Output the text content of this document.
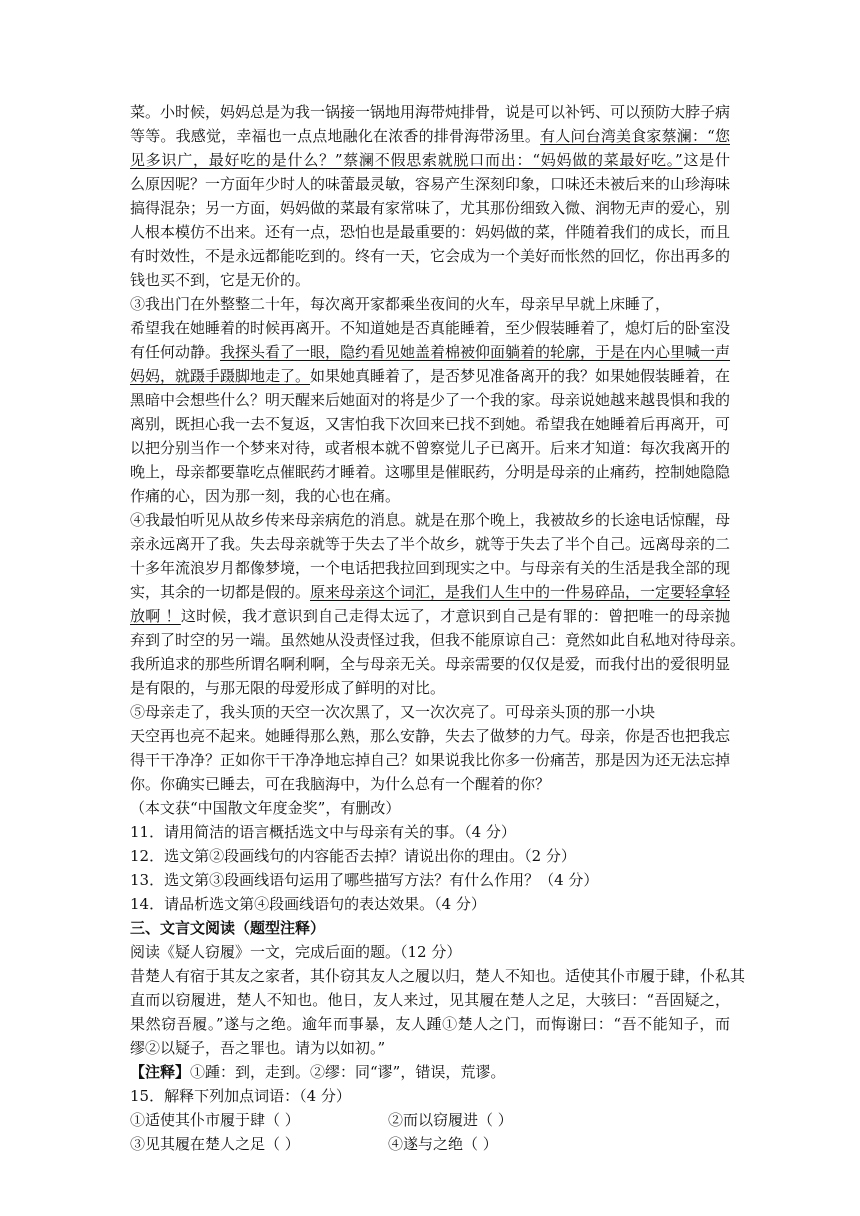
菜。小时候，妈妈总是为我一锅接一锅地用海带炖排骨，说是可以补钙、可以预防大脖子病
等等。我感觉，幸福也一点点地融化在浓香的排骨海带汤里。有人问台湾美食家蔡澜：“您
见多识广，最好吃的是什么？”蔡澜不假思索就脱口而出：“妈妈做的菜最好吃。”这是什
么原因呢？一方面年少时人的味蕾最灵敏，容易产生深刻印象，口味还未被后来的山珍海味
搞得混杂；另一方面，妈妈做的菜最有家常味了，尤其那份细致入微、润物无声的爱心，别
人根本模仿不出来。还有一点，恐怕也是最重要的：妈妈做的菜，伴随着我们的成长，而且
有时效性，不是永远都能吃到的。终有一天，它会成为一个美好而怅然的回忆，你出再多的
钱也买不到，它是无价的。
③我出门在外整整二十年，每次离开家都乘坐夜间的火车，母亲早早就上床睡了，
希望我在她睡着的时候再离开。不知道她是否真能睡着，至少假装睡着了，熄灯后的卧室没
有任何动静。我探头看了一眼，隐约看见她盖着棉被仰面躺着的轮廓，于是在内心里喊一声
妈妈，就蹑手蹑脚地走了。如果她真睡着了，是否梦见准备离开的我？如果她假装睡着，在
黑暗中会想些什么？明天醒来后她面对的将是少了一个我的家。母亲说她越来越畏惧和我的
离别，既担心我一去不复返，又害怕我下次回来已找不到她。希望我在她睡着后再离开，可
以把分别当作一个梦来对待，或者根本就不曾察觉儿子已离开。后来才知道：每次我离开的
晚上，母亲都要靠吃点催眠药才睡着。这哪里是催眠药，分明是母亲的止痛药，控制她隐隐
作痛的心，因为那一刻，我的心也在痛。
④我最怕听见从故乡传来母亲病危的消息。就是在那个晚上，我被故乡的长途电话惊醒，母
亲永远离开了我。失去母亲就等于失去了半个故乡，就等于失去了半个自己。远离母亲的二
十多年流浪岁月都像梦境，一个电话把我拉回到现实之中。与母亲有关的生活是我全部的现
实，其余的一切都是假的。原来母亲这个词汇，是我们人生中的一件易碎品，一定要轻拿轻
放啊 ！这时候，我才意识到自己走得太远了，才意识到自己是有罪的：曾把唯一的母亲抛
弃到了时空的另一端。虽然她从没责怪过我，但我不能原谅自己：竟然如此自私地对待母亲。
我所追求的那些所谓名啊利啊，全与母亲无关。母亲需要的仅仅是爱，而我付出的爱很明显
是有限的，与那无限的母爱形成了鲜明的对比。
⑤母亲走了，我头顶的天空一次次黑了，又一次次亮了。可母亲头顶的那一小块
天空再也亮不起来。她睡得那么熟，那么安静，失去了做梦的力气。母亲，你是否也把我忘
得干干净净？正如你干干净净地忘掉自己？如果说我比你多一份痛苦，那是因为还无法忘掉
你。你确实已睡去，可在我脑海中，为什么总有一个醒着的你？
（本文获“中国散文年度金奖”，有删改）
11．请用简洁的语言概括选文中与母亲有关的事。（4 分）
12．选文第②段画线句的内容能否去掉？请说出你的理由。（2 分）
13．选文第③段画线语句运用了哪些描写方法？有什么作用？（4 分）
14．请品析选文第④段画线语句的表达效果。（4 分）
三、文言文阅读（题型注释）
阅读《疑人窃履》一文，完成后面的题。（12 分）
昔楚人有宿于其友之家者，其仆窃其友人之履以归，楚人不知也。适使其仆市履于肆，仆私其
直而以窃履进，楚人不知也。他日，友人来过，见其履在楚人之足，大骇曰：“吾固疑之，
果然窃吾履。”遂与之绝。逾年而事暴，友人踵①楚人之门，而悔谢曰：“吾不能知子，而
缪②以疑子，吾之罪也。请为以如初。”
【注释】①踵：到，走到。②缪：同“谬”，错误，荒谬。
15．解释下列加点词语：（4 分）
①适使其仆市履于肆（ ）	②而以窃履进（ ）
③见其履在楚人之足（ ）	④遂与之绝（ ）
